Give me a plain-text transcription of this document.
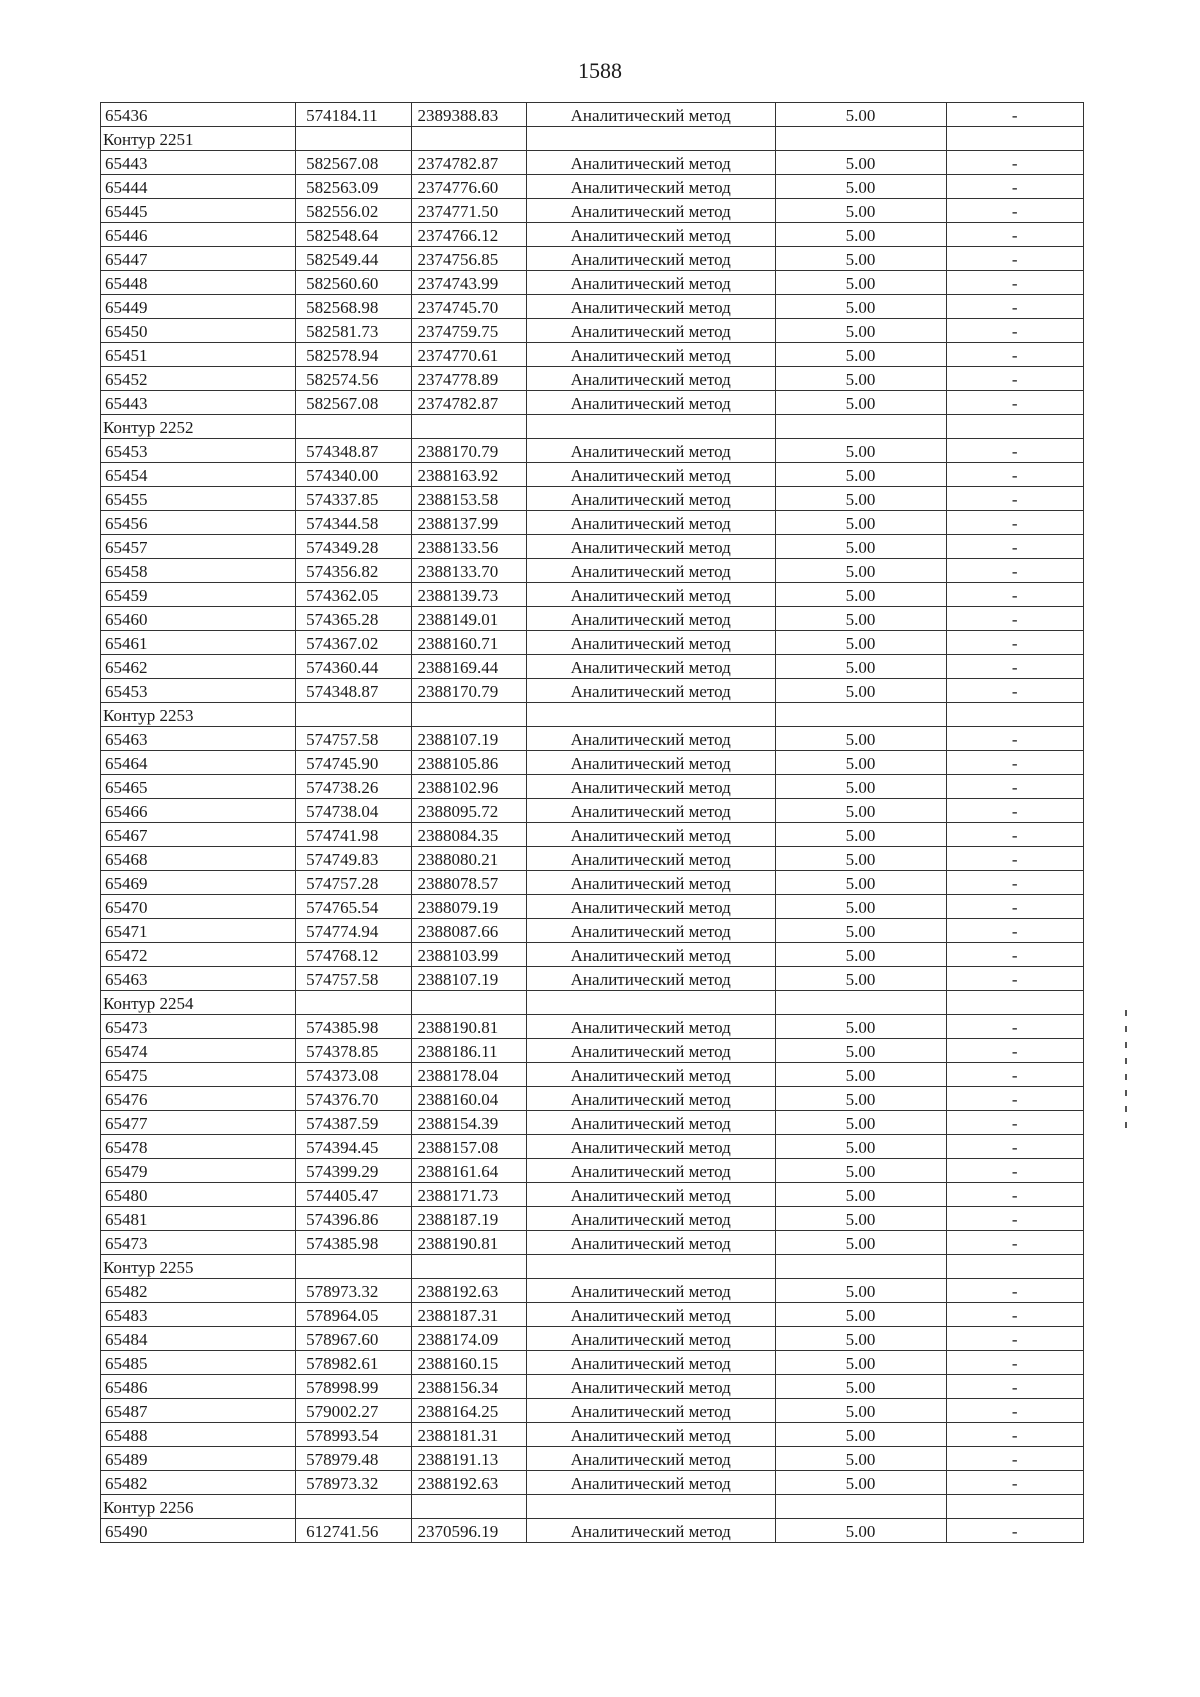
1588
65436	574184.11	2389388.83	Аналитический метод	5.00	-
Контур 2251					
65443	582567.08	2374782.87	Аналитический метод	5.00	-
65444	582563.09	2374776.60	Аналитический метод	5.00	-
65445	582556.02	2374771.50	Аналитический метод	5.00	-
65446	582548.64	2374766.12	Аналитический метод	5.00	-
65447	582549.44	2374756.85	Аналитический метод	5.00	-
65448	582560.60	2374743.99	Аналитический метод	5.00	-
65449	582568.98	2374745.70	Аналитический метод	5.00	-
65450	582581.73	2374759.75	Аналитический метод	5.00	-
65451	582578.94	2374770.61	Аналитический метод	5.00	-
65452	582574.56	2374778.89	Аналитический метод	5.00	-
65443	582567.08	2374782.87	Аналитический метод	5.00	-
Контур 2252					
65453	574348.87	2388170.79	Аналитический метод	5.00	-
65454	574340.00	2388163.92	Аналитический метод	5.00	-
65455	574337.85	2388153.58	Аналитический метод	5.00	-
65456	574344.58	2388137.99	Аналитический метод	5.00	-
65457	574349.28	2388133.56	Аналитический метод	5.00	-
65458	574356.82	2388133.70	Аналитический метод	5.00	-
65459	574362.05	2388139.73	Аналитический метод	5.00	-
65460	574365.28	2388149.01	Аналитический метод	5.00	-
65461	574367.02	2388160.71	Аналитический метод	5.00	-
65462	574360.44	2388169.44	Аналитический метод	5.00	-
65453	574348.87	2388170.79	Аналитический метод	5.00	-
Контур 2253					
65463	574757.58	2388107.19	Аналитический метод	5.00	-
65464	574745.90	2388105.86	Аналитический метод	5.00	-
65465	574738.26	2388102.96	Аналитический метод	5.00	-
65466	574738.04	2388095.72	Аналитический метод	5.00	-
65467	574741.98	2388084.35	Аналитический метод	5.00	-
65468	574749.83	2388080.21	Аналитический метод	5.00	-
65469	574757.28	2388078.57	Аналитический метод	5.00	-
65470	574765.54	2388079.19	Аналитический метод	5.00	-
65471	574774.94	2388087.66	Аналитический метод	5.00	-
65472	574768.12	2388103.99	Аналитический метод	5.00	-
65463	574757.58	2388107.19	Аналитический метод	5.00	-
Контур 2254					
65473	574385.98	2388190.81	Аналитический метод	5.00	-
65474	574378.85	2388186.11	Аналитический метод	5.00	-
65475	574373.08	2388178.04	Аналитический метод	5.00	-
65476	574376.70	2388160.04	Аналитический метод	5.00	-
65477	574387.59	2388154.39	Аналитический метод	5.00	-
65478	574394.45	2388157.08	Аналитический метод	5.00	-
65479	574399.29	2388161.64	Аналитический метод	5.00	-
65480	574405.47	2388171.73	Аналитический метод	5.00	-
65481	574396.86	2388187.19	Аналитический метод	5.00	-
65473	574385.98	2388190.81	Аналитический метод	5.00	-
Контур 2255					
65482	578973.32	2388192.63	Аналитический метод	5.00	-
65483	578964.05	2388187.31	Аналитический метод	5.00	-
65484	578967.60	2388174.09	Аналитический метод	5.00	-
65485	578982.61	2388160.15	Аналитический метод	5.00	-
65486	578998.99	2388156.34	Аналитический метод	5.00	-
65487	579002.27	2388164.25	Аналитический метод	5.00	-
65488	578993.54	2388181.31	Аналитический метод	5.00	-
65489	578979.48	2388191.13	Аналитический метод	5.00	-
65482	578973.32	2388192.63	Аналитический метод	5.00	-
Контур 2256					
65490	612741.56	2370596.19	Аналитический метод	5.00	-
